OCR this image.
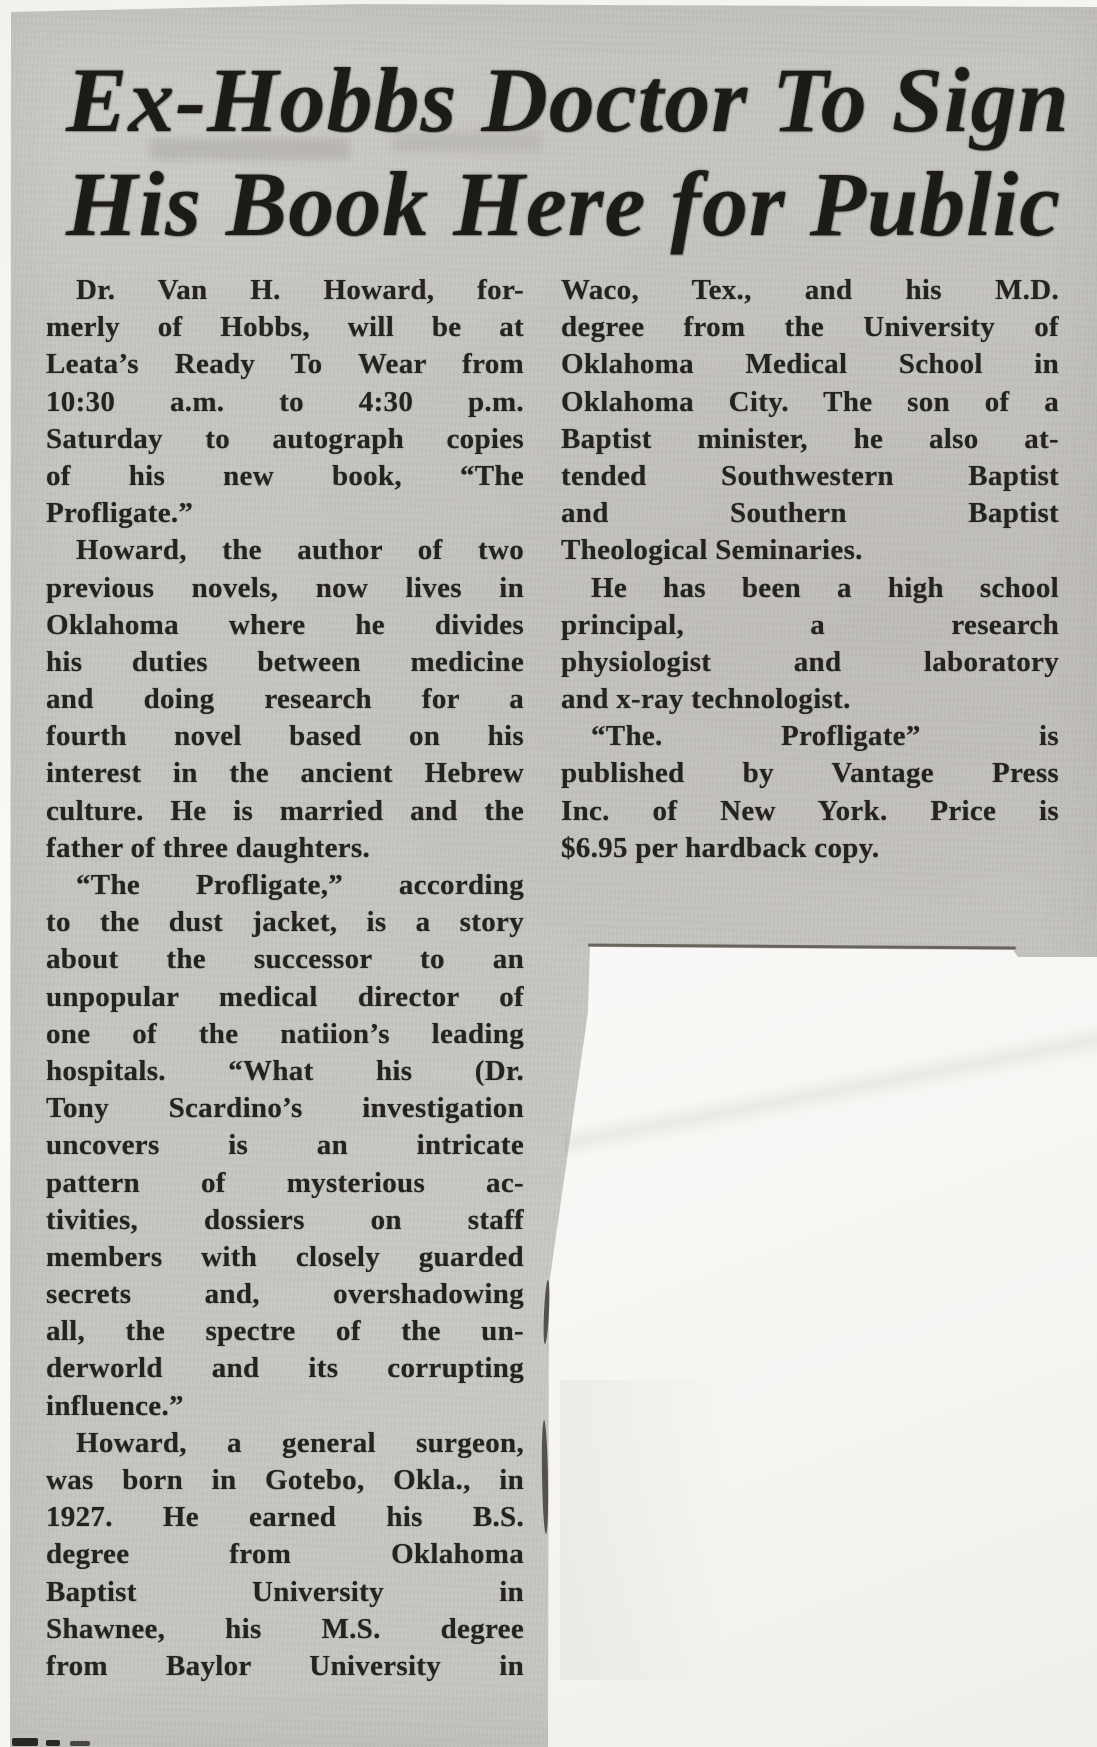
Ex-Hobbs Doctor To Sign
His Book Here for Public
Dr. Van H. Howard, for-
merly of Hobbs, will be at
Leata’s Ready To Wear from
10:30 a.m. to 4:30 p.m.
Saturday to autograph copies
of his new book, “The
Profligate.”
Howard, the author of two
previous novels, now lives in
Oklahoma where he divides
his duties between medicine
and doing research for a
fourth novel based on his
interest in the ancient Hebrew
culture. He is married and the
father of three daughters.
“The Profligate,” according
to the dust jacket, is a story
about the successor to an
unpopular medical director of
one of the natiion’s leading
hospitals. “What his (Dr.
Tony Scardino’s investigation
uncovers is an intricate
pattern of mysterious ac-
tivities, dossiers on staff
members with closely guarded
secrets and, overshadowing
all, the spectre of the un-
derworld and its corrupting
influence.”
Howard, a general surgeon,
was born in Gotebo, Okla., in
1927. He earned his B.S.
degree from Oklahoma
Baptist University in
Shawnee, his M.S. degree
from Baylor University in
Waco, Tex., and his M.D.
degree from the University of
Oklahoma Medical School in
Oklahoma City. The son of a
Baptist minister, he also at-
tended Southwestern Baptist
and Southern Baptist
Theological Seminaries.
He has been a high school
principal, a research
physiologist and laboratory
and x-ray technologist.
“The. Profligate” is
published by Vantage Press
Inc. of New York. Price is
$6.95 per hardback copy.
